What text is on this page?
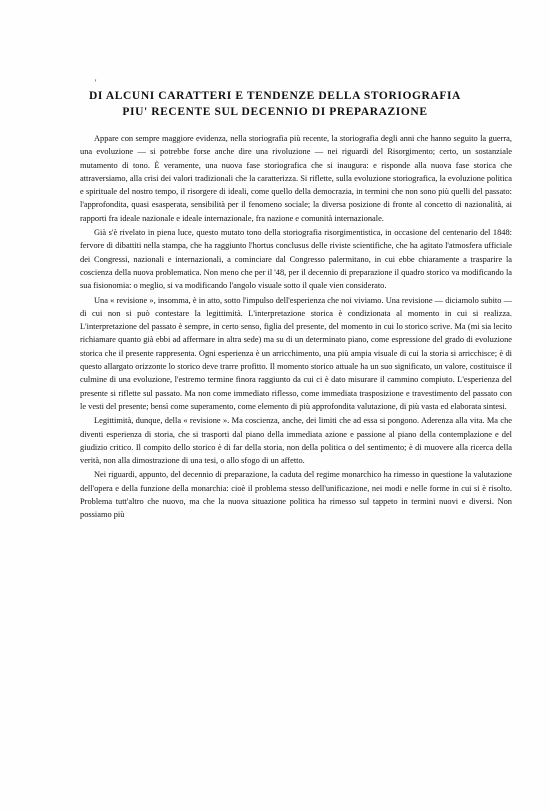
'
DI ALCUNI CARATTERI E TENDENZE DELLA STORIOGRAFIA
PIU' RECENTE SUL DECENNIO DI PREPARAZIONE

Appare con sempre maggiore evidenza, nella storiografia più recente, la storiografia degli anni che hanno seguito la guerra, una evoluzione — si potrebbe forse anche dire una rivoluzione — nei riguardi del Risorgimento; certo, un sostanziale mutamento di tono. È veramente, una nuova fase storiografica che si inaugura: e risponde alla nuova fase storica che attraversiamo, alla crisi dei valori tradizionali che la caratterizza. Si riflette, sulla evoluzione storiografica, la evoluzione politica e spirituale del nostro tempo, il risorgere di ideali, come quello della democrazia, in termini che non sono più quelli del passato: l'approfondita, quasi esasperata, sensibilità per il fenomeno sociale; la diversa posizione di fronte al concetto di nazionalità, ai rapporti fra ideale nazionale e ideale internazionale, fra nazione e comunità internazionale.

Già s'è rivelato in piena luce, questo mutato tono della storiografia risorgimentistica, in occasione del centenario del 1848: fervore di dibattiti nella stampa, che ha raggiunto l'hortus conclusus delle riviste scientifiche, che ha agitato l'atmosfera ufficiale dei Congressi, nazionali e internazionali, a cominciare dal Congresso palermitano, in cui ebbe chiaramente a trasparire la coscienza della nuova problematica. Non meno che per il '48, per il decennio di preparazione il quadro storico va modificando la sua fisionomia: o meglio, si va modificando l'angolo visuale sotto il quale vien considerato.

Una « revisione », insomma, è in atto, sotto l'impulso dell'esperienza che noi viviamo. Una revisione — diciamolo subito — di cui non si può contestare la legittimità. L'interpretazione storica è condizionata al momento in cui si realizza. L'interpretazione del passato è sempre, in certo senso, figlia del presente, del momento in cui lo storico scrive. Ma (mi sia lecito richiamare quanto già ebbi ad affermare in altra sede) ma su di un determinato piano, come espressione del grado di evoluzione storica che il presente rappresenta. Ogni esperienza è un arricchimento, una più ampia visuale di cui la storia si arricchisce; è di questo allargato orizzonte lo storico deve trarre profitto. Il momento storico attuale ha un suo significato, un valore, costituisce il culmine di una evoluzione, l'estremo termine finora raggiunto da cui ci è dato misurare il cammino compiuto. L'esperienza del presente si riflette sul passato. Ma non come immediato riflesso, come immediata trasposizione e travestimento del passato con le vesti del presente; bensì come superamento, come elemento di più approfondita valutazione, di più vasta ed elaborata sintesi.

Legittimità, dunque, della « revisione ». Ma coscienza, anche, dei limiti che ad essa si pongono. Aderenza alla vita. Ma che diventi esperienza di storia, che si trasporti dal piano della immediata azione e passione al piano della contemplazione e del giudizio critico. Il compito dello storico è di far della storia, non della politica o del sentimento; è di muovere alla ricerca della verità, non alla dimostrazione di una tesi, o allo sfogo di un affetto.

Nei riguardi, appunto, del decennio di preparazione, la caduta del regime monarchico ha rimesso in questione la valutazione dell'opera e della funzione della monarchia: cioè il problema stesso dell'unificazione, nei modi e nelle forme in cui si è risolto. Problema tutt'altro che nuovo, ma che la nuova situazione politica ha rimesso sul tappeto in termini nuovi e diversi. Non possiamo più
